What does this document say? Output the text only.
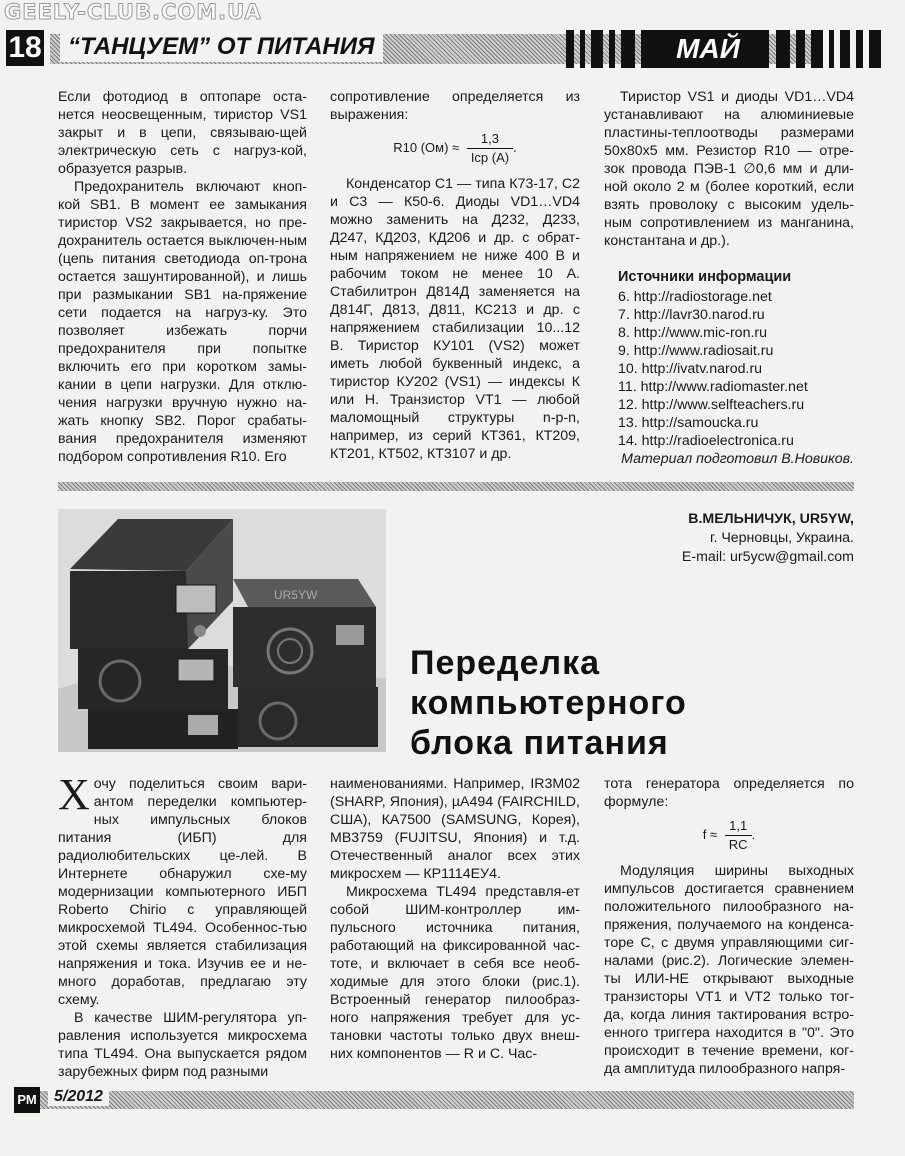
GEELY-CLUB.COM.UA
18	“ТАНЦУЕМ” ОТ ПИТАНИЯ	МАЙ

Если фотодиод в оптопаре оста-нется неосвещенным, тиристор VS1 закрыт и в цепи, связываю-щей электрическую сеть с нагруз-кой, образуется разрыв.

Предохранитель включают кноп-кой SB1. В момент ее замыкания тиристор VS2 закрывается, но пре-дохранитель остается выключен-ным (цепь питания светодиода оп-трона остается зашунтированной), и лишь при размыкании SB1 на-пряжение сети подается на нагруз-ку. Это позволяет избежать порчи предохранителя при попытке включить его при коротком замы-кании в цепи нагрузки. Для отклю-чения нагрузки вручную нужно на-жать кнопку SB2. Порог срабаты-вания предохранителя изменяют подбором сопротивления R10. Его

сопротивление определяется из выражения:

R10 $(Ом) \approx \frac{1,3}{\text{Iср (A)}}$ .

Конденсатор С1 — типа К73-17, С2 и С3 — К50-6. Диоды VD1…VD4 можно заменить на Д232, Д233, Д247, КД203, КД206 и др. с обрат-ным напряжением не ниже 400 В и рабочим током не менее 10 А. Стабилитрон Д814Д заменяется на Д814Г, Д813, Д811, КС213 и др. с напряжением стабилизации 10...12 В. Тиристор КУ101 (VS2) может иметь любой буквенный индекс, а тиристор КУ202 (VS1) — индексы К или Н. Транзистор VT1 — любой маломощный структуры n-p-n, например, из серий КТ361, КТ209, КТ201, КТ502, КТ3107 и др.

Тиристор VS1 и диоды VD1…VD4 устанавливают на алюминиевые пластины-теплоотводы размерами 50х80х5 мм. Резистор R10 — отре-зок провода ПЭВ-1 ∅0,6 мм и дли-ной около 2 м (более короткий, если взять проволоку с высоким удель-ным сопротивлением из манганина, константана и др.).

Источники информации
6. http://radiostorage.net
7. http://lavr30.narod.ru
8. http://www.mic-ron.ru
9. http://www.radiosait.ru
10. http://ivatv.narod.ru
11. http://www.radiomaster.net
12. http://www.selfteachers.ru
13. http://samoucka.ru
14. http://radioelectronica.ru
Материал подготовил В.Новиков.
В.МЕЛЬНИЧУК, UR5YW,
г. Черновцы, Украина.
E-mail: ur5ycw@gmail.com
UR5YW
Переделка
компьютерного
блока питания

Хочу поделиться своим вари-антом переделки компьютер-ных импульсных блоков питания (ИБП) для радиолюбительских це-лей. В Интернете обнаружил схе-му модернизации компьютерного ИБП Roberto Chirio с управляющей микросхемой TL494. Особеннос-тью этой схемы является стабилизация напряжения и тока. Изучив ее и не-много доработав, предлагаю эту схему.

В качестве ШИМ-регулятора уп-равления используется микросхема типа TL494. Она выпускается рядом зарубежных фирм под разными

наименованиями. Например, IR3M02 (SHARP, Япония), µA494 (FAIRCHILD, США), КА7500 (SAMSUNG, Корея), МВ3759 (FUJITSU, Япония) и т.д. Отечественный аналог всех этих микросхем — КР1114ЕУ4.

Микросхема TL494 представля-ет собой ШИМ-контроллер им-пульсного источника питания, работающий на фиксированной час-тоте, и включает в себя все необ-ходимые для этого блоки (рис.1). Встроенный генератор пилообраз-ного напряжения требует для ус-тановки частоты только двух внеш-них компонентов — R и C. Час-

тота генератора определяется по формуле:

$f \approx \frac{1,1}{RC}$ .

Модуляция ширины выходных импульсов достигается сравнением положительного пилообразного на-пряжения, получаемого на конденса-торе С, с двумя управляющими сиг-налами (рис.2). Логические элемен-ты ИЛИ-НЕ открывают выходные транзисторы VT1 и VT2 только тог-да, когда линия тактирования встро-енного триггера находится в "0". Это происходит в течение времени, ког-да амплитуда пилообразного напря-

РМ	5/2012
